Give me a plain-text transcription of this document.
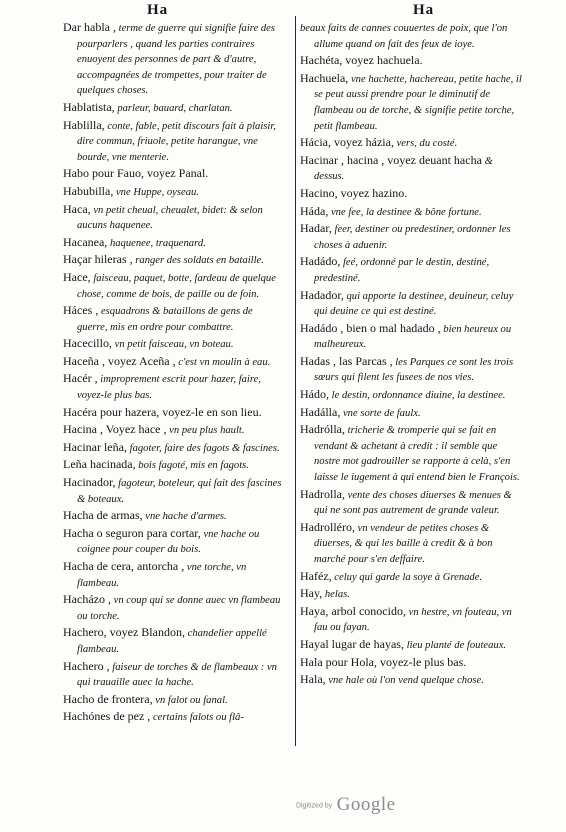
Ha	Ha
Dar habla , terme de guerre qui signifie faire des pourparlers , quand les parties contraires enuoyent des personnes de part & d'autre, accompagnées de trompettes, pour traiter de quelques choses.
Hablatista, parleur, bauard, charlatan.
Hablilla, conte, fable, petit discours fait à plaisir, dire commun, friuole, petite harangue, vne bourde, vne menterie.
Habo pour Fauo, voyez Panal.
Habubilla, vne Huppe, oyseau.
Haca, vn petit cheual, cheualet, bidet: & selon aucuns haquenee.
Hacanea, haquenee, traquenard.
Haçar hileras , ranger des soldats en bataille.
Hace, faisceau, paquet, botte, fardeau de quelque chose, comme de bois, de paille ou de foin.
Háces , esquadrons & bataillons de gens de guerre, mis en ordre pour combattre.
Hacecillo, vn petit faisceau, vn boteau.
Haceña , voyez Aceña , c'est vn moulin à eau.
Hacér , improprement escrit pour hazer, faire, voyez-le plus bas.
Hacéra pour hazera, voyez-le en son lieu.
Hacina , Voyez hace , vn peu plus hault.
Hacinar leña, fagoter, faire des fagots & fascines.
Leña hacinada, bois fagoté, mis en fagots.
Hacinador, fagoteur, boteleur, qui fait des fascines & boteaux.
Hacha de armas, vne hache d'armes.
Hacha o seguron para cortar, vne hache ou coignee pour couper du bois.
Hacha de cera, antorcha , vne torche, vn flambeau.
Hacházo , vn coup qui se donne auec vn flambeau ou torche.
Hachero, voyez Blandon, chandelier appellé flambeau.
Hachero , faiseur de torches & de flambeaux : vn qui trauaille auec la hache.
Hacho de frontera, vn falot ou fanal.
Hachónes de pez , certains falots ou flâ-
beaux faits de cannes couuertes de poix, que l'on allume quand on fait des feux de ioye.
Hachéta, voyez hachuela.
Hachuela, vne hachette, hachereau, petite hache, il se peut aussi prendre pour le diminutif de flambeau ou de torche, & signifie petite torche, petit flambeau.
Hácia, voyez házia, vers, du costé.
Hacinar , hacina , voyez deuant hacha & dessus.
Hacino, voyez hazino.
Háda, vne fee, la destinee & bône fortune.
Hadar, feer, destiner ou predestiner, ordonner les choses à aduenir.
Hadádo, feé, ordonné par le destin, destiné, predestiné.
Hadador, qui apporte la destinee, deuineur, celuy qui deuine ce qui est destiné.
Hadádo , bien o mal hadado , bien heureux ou malheureux.
Hadas , las Parcas , les Parques ce sont les trois sœurs qui filent les fusees de nos vies.
Hádo, le destin, ordonnance diuine, la destinee.
Hadálla, vne sorte de faulx.
Hadrólla, tricherie & tromperie qui se fait en vendant & achetant à credit : il semble que nostre mot gadrouiller se rapporte à celà, s'en laisse le iugement à qui entend bien le François.
Hadrolla, vente des choses diuerses & menues & qui ne sont pas autrement de grande valeur.
Hadrolléro, vn vendeur de petites choses & diuerses, & qui les baille à credit & à bon marché pour s'en deffaire.
Haféz, celuy qui garde la soye à Grenade.
Hay, helas.
Haya, arbol conocido, vn hestre, vn fouteau, vn fau ou fayan.
Hayal lugar de hayas, lieu planté de fouteaux.
Hala pour Hola, voyez-le plus bas.
Hala, vne hale où l'on vend quelque chose.
Digitized by Google
